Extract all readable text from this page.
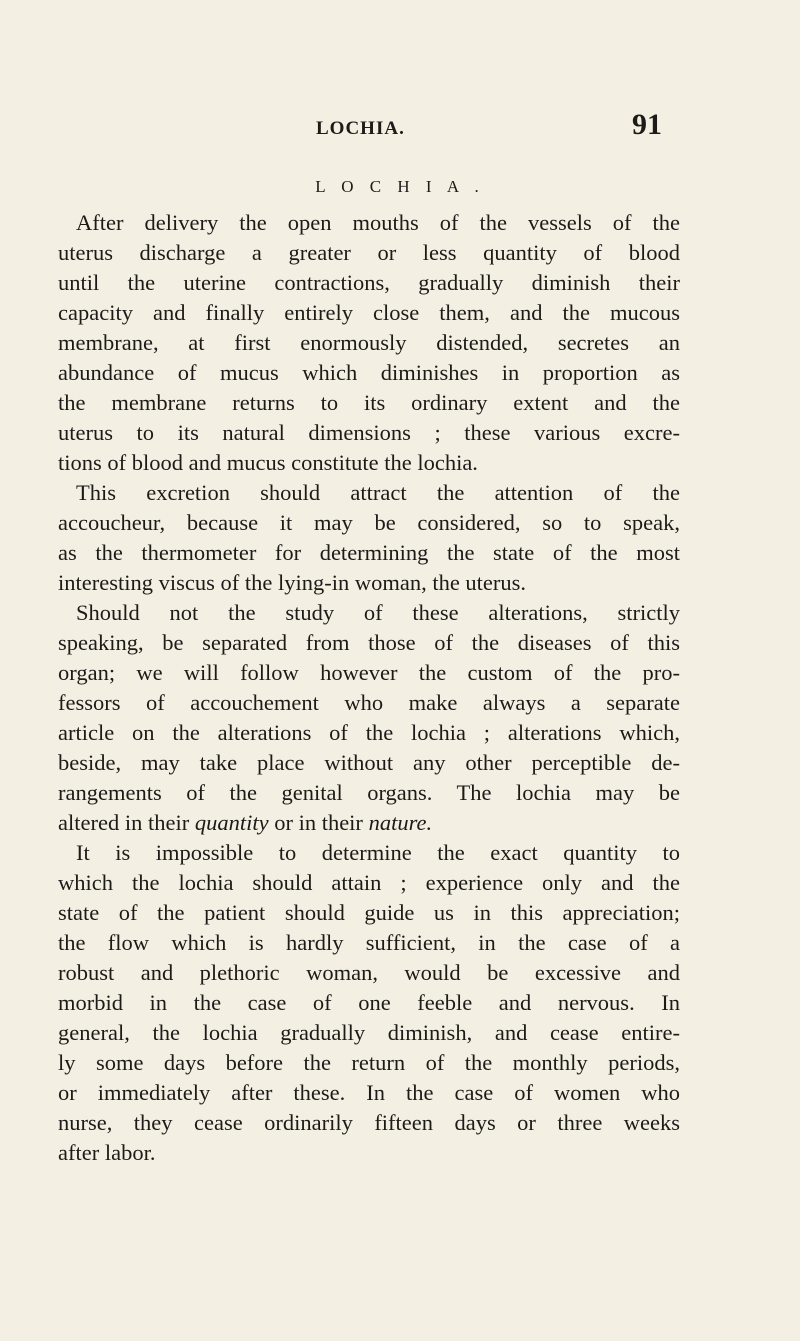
LOCHIA.	91
L O C H I A .
After delivery the open mouths of the vessels of the
uterus discharge a greater or less quantity of blood
until the uterine contractions, gradually diminish their
capacity and finally entirely close them, and the mucous
membrane, at first enormously distended, secretes an
abundance of mucus which diminishes in proportion as
the membrane returns to its ordinary extent and the
uterus to its natural dimensions ; these various excre-
tions of blood and mucus constitute the lochia.
This excretion should attract the attention of the
accoucheur, because it may be considered, so to speak,
as the thermometer for determining the state of the most
interesting viscus of the lying-in woman, the uterus.
Should not the study of these alterations, strictly
speaking, be separated from those of the diseases of this
organ; we will follow however the custom of the pro-
fessors of accouchement who make always a separate
article on the alterations of the lochia ; alterations which,
beside, may take place without any other perceptible de-
rangements of the genital organs. The lochia may be
altered in their quantity or in their nature.
It is impossible to determine the exact quantity to
which the lochia should attain ; experience only and the
state of the patient should guide us in this appreciation;
the flow which is hardly sufficient, in the case of a
robust and plethoric woman, would be excessive and
morbid in the case of one feeble and nervous. In
general, the lochia gradually diminish, and cease entire-
ly some days before the return of the monthly periods,
or immediately after these. In the case of women who
nurse, they cease ordinarily fifteen days or three weeks
after labor.
